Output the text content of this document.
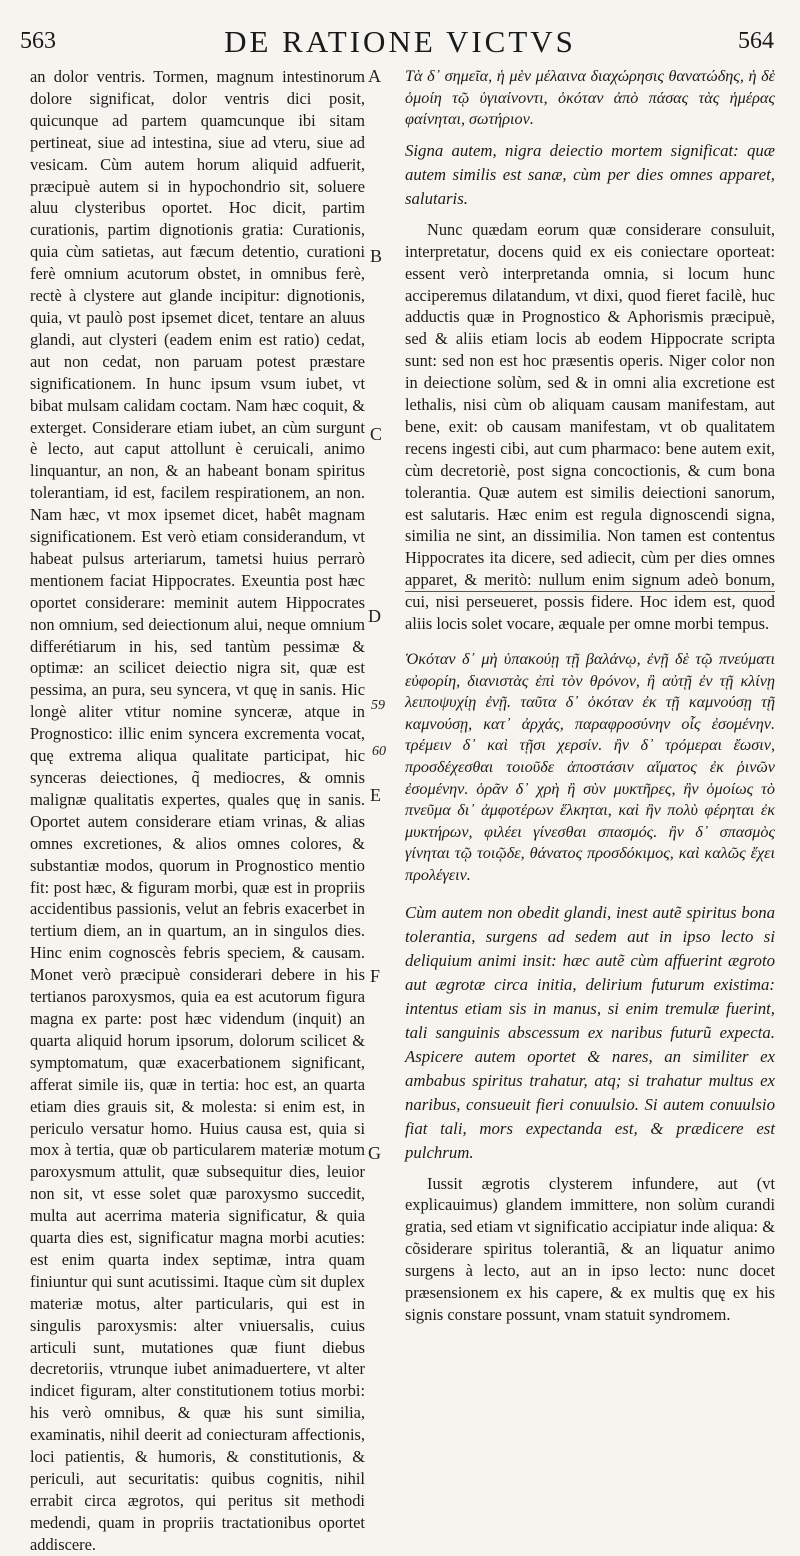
563	DE RATIONE VICTVS	564
A
B
C
D
E
F
G
59
60

an dolor ventris. Tormen, magnum intestinorum dolore significat, dolor ventris dici posit, quicunque ad partem quamcunque ibi sitam pertineat, siue ad intestina, siue ad vteru, siue ad vesicam. Cùm autem horum aliquid adfuerit, præcipuè autem si in hypochondrio sit, soluere aluu clysteribus oportet. Hoc dicit, partim curationis, partim dignotionis gratia: Curationis, quia cùm satietas, aut fæcum detentio, curationi ferè omnium acutorum obstet, in omnibus ferè, rectè à clystere aut glande incipitur: dignotionis, quia, vt paulò post ipsemet dicet, tentare an aluus glandi, aut clysteri (eadem enim est ratio) cedat, aut non cedat, non paruam potest præstare significationem. In hunc ipsum vsum iubet, vt bibat mulsam calidam coctam. Nam hæc coquit, & exterget. Considerare etiam iubet, an cùm surgunt è lecto, aut caput attollunt è ceruicali, animo linquantur, an non, & an habeant bonam spiritus tolerantiam, id est, facilem respirationem, an non. Nam hæc, vt mox ipsemet dicet, habêt magnam significationem. Est verò etiam considerandum, vt habeat pulsus arteriarum, tametsi huius perrarò mentionem faciat Hippocrates. Exeuntia post hæc oportet considerare: meminit autem Hippocrates non omnium, sed deiectionum alui, neque omnium differétiarum in his, sed tantùm pessimæ & optimæ: an scilicet deiectio nigra sit, quæ est pessima, an pura, seu syncera, vt quę in sanis. Hic longè aliter vtitur nomine synceræ, atque in Prognostico: illic enim syncera excrementa vocat, quę extrema aliqua qualitate participat, hic synceras deiectiones, q̃ mediocres, & omnis malignæ qualitatis expertes, quales quę in sanis. Oportet autem considerare etiam vrinas, & alias omnes excretiones, & alios omnes colores, & substantiæ modos, quorum in Prognostico mentio fit: post hæc, & figuram morbi, quæ est in propriis accidentibus passionis, velut an febris exacerbet in tertium diem, an in quartum, an in singulos dies. Hinc enim cognoscès febris speciem, & causam. Monet verò præcipuè considerari debere in his tertianos paroxysmos, quia ea est acutorum figura magna ex parte: post hæc videndum (inquit) an quarta aliquid horum ipsorum, dolorum scilicet & symptomatum, quæ exacerbationem significant, afferat simile iis, quæ in tertia: hoc est, an quarta etiam dies grauis sit, & molesta: si enim est, in periculo versatur homo. Huius causa est, quia si mox à tertia, quæ ob particularem materiæ motum paroxysmum attulit, quæ subsequitur dies, leuior non sit, vt esse solet quæ paroxysmo succedit, multa aut acerrima materia significatur, & quia quarta dies est, significatur magna morbi acuties: est enim quarta index septimæ, intra quam finiuntur qui sunt acutissimi. Itaque cùm sit duplex materiæ motus, alter particularis, qui est in singulis paroxysmis: alter vniuersalis, cuius articuli sunt, mutationes quæ fiunt diebus decretoriis, vtrunque iubet animaduertere, vt alter indicet figuram, alter constitutionem totius morbi: his verò omnibus, & quæ his sunt similia, examinatis, nihil deerit ad coniecturam affectionis, loci patientis, & humoris, & constitutionis, & periculi, aut securitatis: quibus cognitis, nihil errabit circa ægrotos, qui peritus sit methodi medendi, quam in propriis tractationibus oportet addiscere.

Τὰ δ᾽ σημεῖα, ἡ μὲν μέλαινα διαχώρησις θανατώδης, ἡ δὲ ὁμοίη τῷ ὑγιαίνοντι, ὁκόταν ἀπὸ πάσας τὰς ἡμέρας φαίνηται, σωτήριον.

Signa autem, nigra deiectio mortem significat: quæ autem similis est sanæ, cùm per dies omnes apparet, salutaris.

Nunc quædam eorum quæ considerare consuluit, interpretatur, docens quid ex eis coniectare oporteat: essent verò interpretanda omnia, si locum hunc acciperemus dilatandum, vt dixi, quod fieret facilè, huc adductis quæ in Prognostico & Aphorismis præcipuè, sed & aliis etiam locis ab eodem Hippocrate scripta sunt: sed non est hoc præsentis operis. Niger color non in deiectione solùm, sed & in omni alia excretione est lethalis, nisi cùm ob aliquam causam manifestam, aut bene, exit: ob causam manifestam, vt ob qualitatem recens ingesti cibi, aut cum pharmaco: bene autem exit, cùm decretoriè, post signa concoctionis, & cum bona tolerantia. Quæ autem est similis deiectioni sanorum, est salutaris. Hæc enim est regula dignoscendi signa, similia ne sint, an dissimilia. Non tamen est contentus Hippocrates ita dicere, sed adiecit, cùm per dies omnes apparet, & meritò: nullum enim signum adeò bonum, cui, nisi perseueret, possis fidere. Hoc idem est, quod aliis locis solet vocare, æquale per omne morbi tempus.

Ὁκόταν δ᾽ μὴ ὑπακούῃ τῇ βαλάνῳ, ἐνῇ δὲ τῷ πνεύματι εὐφορίη, διανιστὰς ἐπὶ τὸν θρόνον, ἢ αὐτῇ ἐν τῇ κλίνῃ λειποψυχίῃ ἐνῇ. ταῦτα δ᾽ ὁκόταν ἐκ τῇ καμνούσῃ τῇ καμνούσῃ, κατ᾽ ἀρχάς, παραφροσύνην οἷς ἐσομένην. τρέμειν δ᾽ καὶ τῇσι χερσίν. ἢν δ᾽ τρόμεραι ἔωσιν, προσδέχεσθαι τοιοῦδε ἀποστάσιν αἵματος ἐκ ῥινῶν ἐσομένην. ὁρᾶν δ᾽ χρὴ ἢ σὺν μυκτῆρες, ἢν ὁμοίως τὸ πνεῦμα δι᾽ ἀμφοτέρων ἕλκηται, καὶ ἢν πολὺ φέρηται ἐκ μυκτήρων, φιλέει γίνεσθαι σπασμός. ἢν δ᾽ σπασμὸς γίνηται τῷ τοιῷδε, θάνατος προσδόκιμος, καὶ καλῶς ἔχει προλέγειν.

Cùm autem non obedit glandi, inest autẽ spiritus bona tolerantia, surgens ad sedem aut in ipso lecto si deliquium animi insit: hæc autẽ cùm affuerint ægroto aut ægrotæ circa initia, delirium futurum existima: intentus etiam sis in manus, si enim tremulæ fuerint, tali sanguinis abscessum ex naribus futurũ expecta. Aspicere autem oportet & nares, an similiter ex ambabus spiritus trahatur, atq; si trahatur multus ex naribus, consueuit fieri conuulsio. Si autem conuulsio fiat tali, mors expectanda est, & prædicere est pulchrum.

Iussit ægrotis clysterem infundere, aut (vt explicauimus) glandem immittere, non solùm curandi gratia, sed etiam vt significatio accipiatur inde aliqua: & cõsiderare spiritus tolerantiã, & an liquatur animo surgens à lecto, aut an in ipso lecto: nunc docet præsensionem ex his capere, & ex multis quę ex his signis constare possunt, vnam statuit syndromem.
